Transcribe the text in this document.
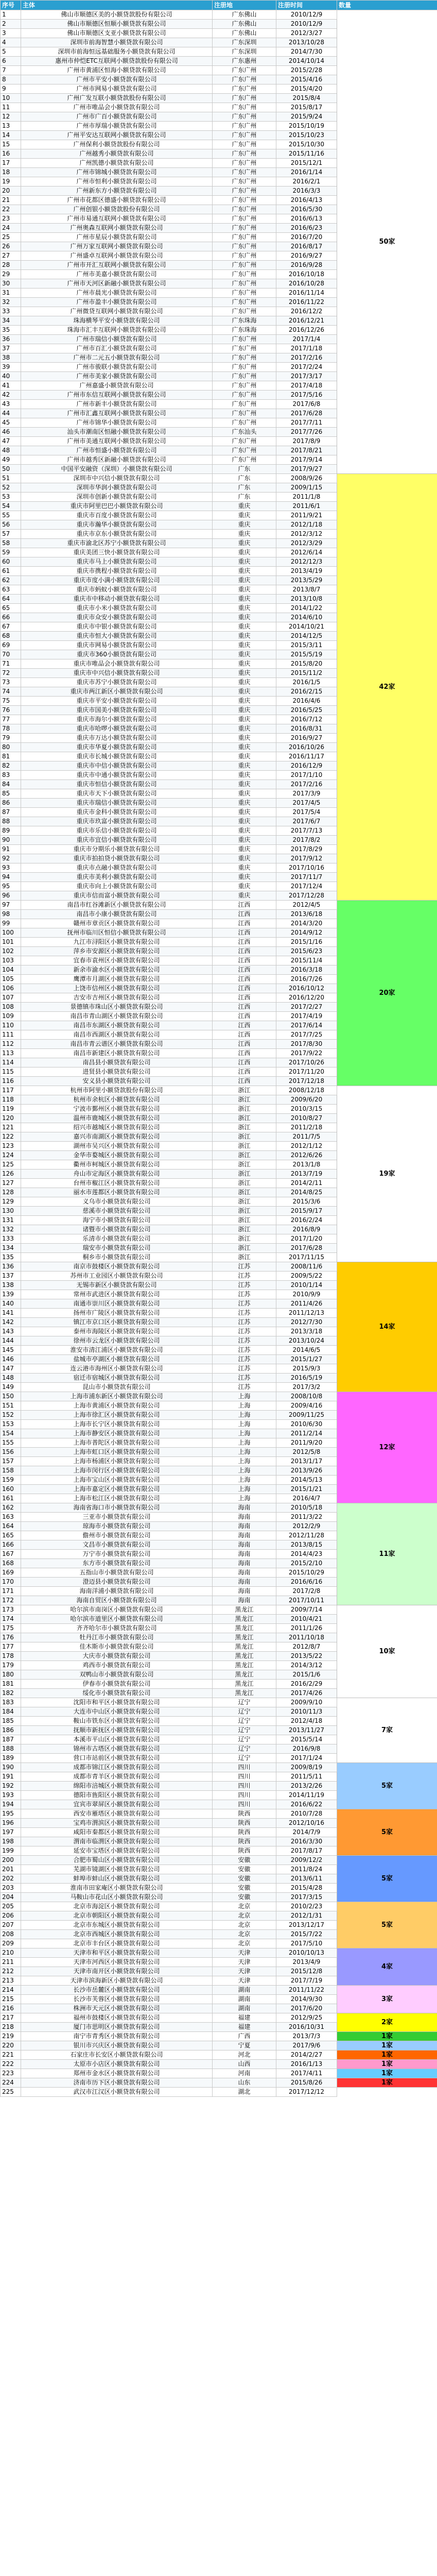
序号	主体	注册地	注册时间	数量
1	佛山市顺德区美的小额贷款股份有限公司	广东佛山	2010/12/9	50家
2	佛山市顺德区恒顺小额贷款有限公司	广东佛山	2010/12/9	
3	佛山市顺德区支亚小额贷款有限公司	广东佛山	2012/3/27	
4	深圳市前海智慧小额贷款有限公司	广东深圳	2013/10/28	
5	深圳市前海恒远基础服务小额贷款有限公司	广东深圳	2014/7/30	
6	惠州市仲恺ETC互联网小额贷款股份有限公司	广东惠州	2014/10/14	
7	广州市黄浦区恒海小额贷款有限公司	广东广州	2015/2/28	
8	广州市平安小额贷款有限公司	广东广州	2015/4/16	
9	广州市网易小额贷款有限公司	广东广州	2015/4/20	
10	广州广发互联小额贷款股份有限公司	广东广州	2015/8/4	
11	广州市唯品会小额贷款有限公司	广东广州	2015/8/17	
12	广州市广百小额贷款有限公司	广东广州	2015/9/24	
13	广州市厚瑞小额贷款有限公司	广东广州	2015/10/19	
14	广州平安达互联网小额贷款有限公司	广东广州	2015/10/23	
15	广州保利小额贷款股份有限公司	广东广州	2015/10/30	
16	广州越秀小额贷款有限公司	广东广州	2015/11/16	
17	广州凯德小额贷款有限公司	广东广州	2015/12/1	
18	广州市锦城小额贷款有限公司	广东广州	2016/1/14	
19	广州市恒利小额贷款有限公司	广东广州	2016/2/1	
20	广州新东方小额贷款有限公司	广东广州	2016/3/3	
21	广州市花都区德盛小额贷款有限公司	广东广州	2016/4/13	
22	广州创银小额贷款股份有限公司	广东广州	2016/5/30	
23	广州市易通互联网小额贷款有限公司	广东广州	2016/6/13	
24	广州奥森互联网小额贷款有限公司	广东广州	2016/6/23	
25	广州市星辰小额贷款有限公司	广东广州	2016/7/20	
26	广州万家互联网小额贷款有限公司	广东广州	2016/8/17	
27	广州盛卓互联网小额贷款有限公司	广东广州	2016/9/27	
28	广州市开汇互联网小额贷款有限公司	广东广州	2016/9/28	
29	广州市美嘉小额贷款有限公司	广东广州	2016/10/18	
30	广州市天河区新融小额贷款有限公司	广东广州	2016/10/28	
31	广州市晨光小额贷款有限公司	广东广州	2016/11/14	
32	广州市盈丰小额贷款有限公司	广东广州	2016/11/22	
33	广州微贷互联网小额贷款有限公司	广东广州	2016/12/2	
34	珠海横琴平安小额贷款有限公司	广东珠海	2016/12/21	
35	珠海市汇丰互联网小额贷款有限公司	广东珠海	2016/12/26	
36	广州市瑞信小额贷款有限公司	广东广州	2017/1/4	
37	广州市百汇小额贷款有限公司	广东广州	2017/1/18	
38	广州市二元五小额贷款有限公司	广东广州	2017/2/16	
39	广州市骏联小额贷款有限公司	广东广州	2017/2/24	
40	广州市美家小额贷款有限公司	广东广州	2017/3/17	
41	广州嘉盛小额贷款有限公司	广东广州	2017/4/18	
42	广州市东信互联网小额贷款有限公司	广东广州	2017/5/16	
43	广州市新丰小额贷款有限公司	广东广州	2017/6/8	
44	广州市汇鑫互联网小额贷款有限公司	广东广州	2017/6/28	
45	广州市锦华小额贷款有限公司	广东广州	2017/7/11	
46	汕头市潮南区恒融小额贷款有限公司	广东汕头	2017/7/26	
47	广州市美通互联网小额贷款有限公司	广东广州	2017/8/9	
48	广州市恒盛小额贷款有限公司	广东广州	2017/8/21	
49	广州市越秀区新融小额贷款有限公司	广东广州	2017/9/14	
50	中国平安融资（深圳）小额贷款有限公司	广东	2017/9/27	
51	深圳市中兴信小额贷款有限公司	广东	2008/9/26	42家
52	深圳市华润小额贷款有限公司	广东	2009/1/15	
53	深圳市创新小额贷款有限公司	广东	2011/1/8	
54	重庆市阿里巴巴小额贷款有限公司	重庆	2011/6/1	
55	重庆市百度小额贷款有限公司	重庆	2011/9/21	
56	重庆市瀚华小额贷款有限公司	重庆	2012/1/18	
57	重庆市京东小额贷款有限公司	重庆	2012/3/12	
58	重庆市渝北区苏宁小额贷款有限公司	重庆	2012/3/29	
59	重庆美团三快小额贷款有限公司	重庆	2012/6/14	
60	重庆市马上小额贷款有限公司	重庆	2012/12/3	
61	重庆市携程小额贷款有限公司	重庆	2013/4/19	
62	重庆市度小满小额贷款有限公司	重庆	2013/5/29	
63	重庆市蚂蚁小额贷款有限公司	重庆	2013/8/7	
64	重庆市中移动小额贷款有限公司	重庆	2013/10/8	
65	重庆市小米小额贷款有限公司	重庆	2014/1/22	
66	重庆市众安小额贷款有限公司	重庆	2014/6/10	
67	重庆市中银小额贷款有限公司	重庆	2014/10/21	
68	重庆市恒大小额贷款有限公司	重庆	2014/12/5	
69	重庆市网易小额贷款有限公司	重庆	2015/3/11	
70	重庆市360小额贷款有限公司	重庆	2015/5/19	
71	重庆市唯品会小额贷款有限公司	重庆	2015/8/20	
72	重庆市中兴信小额贷款有限公司	重庆	2015/11/2	
73	重庆市苏宁小额贷款有限公司	重庆	2016/1/5	
74	重庆市两江新区小额贷款有限公司	重庆	2016/2/15	
75	重庆市平安小额贷款有限公司	重庆	2016/4/6	
76	重庆市国美小额贷款有限公司	重庆	2016/5/25	
77	重庆市海尔小额贷款有限公司	重庆	2016/7/12	
78	重庆市哈啰小额贷款有限公司	重庆	2016/8/31	
79	重庆市万达小额贷款有限公司	重庆	2016/9/27	
80	重庆市华夏小额贷款有限公司	重庆	2016/10/26	
81	重庆市长城小额贷款有限公司	重庆	2016/11/17	
82	重庆市中信小额贷款有限公司	重庆	2016/12/9	
83	重庆市中通小额贷款有限公司	重庆	2017/1/10	
84	重庆市恒信小额贷款有限公司	重庆	2017/2/16	
85	重庆市天下小额贷款有限公司	重庆	2017/3/9	
86	重庆市瑞信小额贷款有限公司	重庆	2017/4/5	
87	重庆市金科小额贷款有限公司	重庆	2017/5/4	
88	重庆市玖富小额贷款有限公司	重庆	2017/6/7	
89	重庆市乐信小额贷款有限公司	重庆	2017/7/13	
90	重庆市宜信小额贷款有限公司	重庆	2017/8/2	
91	重庆市分期乐小额贷款有限公司	重庆	2017/8/29	
92	重庆市拍拍贷小额贷款有限公司	重庆	2017/9/12	
93	重庆市点融小额贷款有限公司	重庆	2017/10/16	
94	重庆市美利小额贷款有限公司	重庆	2017/11/7	
95	重庆市向上小额贷款有限公司	重庆	2017/12/4	
96	重庆市信而富小额贷款有限公司	重庆	2017/12/28	
97	南昌市红谷滩新区小额贷款有限公司	江西	2012/4/5	20家
98	南昌市小康小额贷款有限公司	江西	2013/6/18	
99	赣州市章贡区小额贷款有限公司	江西	2014/3/20	
100	抚州市临川区恒信小额贷款有限公司	江西	2014/9/12	
101	九江市浔阳区小额贷款有限公司	江西	2015/1/16	
102	萍乡市安源区小额贷款有限公司	江西	2015/6/23	
103	宜春市袁州区小额贷款有限公司	江西	2015/11/4	
104	新余市渝水区小额贷款有限公司	江西	2016/3/18	
105	鹰潭市月湖区小额贷款有限公司	江西	2016/7/26	
106	上饶市信州区小额贷款有限公司	江西	2016/10/12	
107	吉安市吉州区小额贷款有限公司	江西	2016/12/20	
108	景德镇市珠山区小额贷款有限公司	江西	2017/2/27	
109	南昌市青山湖区小额贷款有限公司	江西	2017/4/19	
110	南昌市东湖区小额贷款有限公司	江西	2017/6/14	
111	南昌市西湖区小额贷款有限公司	江西	2017/7/25	
112	南昌市青云谱区小额贷款有限公司	江西	2017/8/30	
113	南昌市新建区小额贷款有限公司	江西	2017/9/22	
114	南昌县小额贷款有限公司	江西	2017/10/26	
115	进贤县小额贷款有限公司	江西	2017/11/20	
116	安义县小额贷款有限公司	江西	2017/12/18	
117	杭州市阿里小额贷款股份有限公司	浙江	2008/12/18	19家
118	杭州市余杭区小额贷款有限公司	浙江	2009/6/20	
119	宁波市鄞州区小额贷款有限公司	浙江	2010/3/15	
120	温州市鹿城区小额贷款有限公司	浙江	2010/8/27	
121	绍兴市越城区小额贷款有限公司	浙江	2011/2/18	
122	嘉兴市南湖区小额贷款有限公司	浙江	2011/7/5	
123	湖州市吴兴区小额贷款有限公司	浙江	2012/1/12	
124	金华市婺城区小额贷款有限公司	浙江	2012/6/26	
125	衢州市柯城区小额贷款有限公司	浙江	2013/1/8	
126	舟山市定海区小额贷款有限公司	浙江	2013/7/19	
127	台州市椒江区小额贷款有限公司	浙江	2014/2/11	
128	丽水市莲都区小额贷款有限公司	浙江	2014/8/25	
129	义乌市小额贷款有限公司	浙江	2015/3/6	
130	慈溪市小额贷款有限公司	浙江	2015/9/17	
131	海宁市小额贷款有限公司	浙江	2016/2/24	
132	诸暨市小额贷款有限公司	浙江	2016/8/9	
133	乐清市小额贷款有限公司	浙江	2017/1/20	
134	瑞安市小额贷款有限公司	浙江	2017/6/28	
135	桐乡市小额贷款有限公司	浙江	2017/11/15	
136	南京市鼓楼区小额贷款有限公司	江苏	2008/11/6	14家
137	苏州市工业园区小额贷款有限公司	江苏	2009/5/22	
138	无锡市新区小额贷款有限公司	江苏	2010/1/14	
139	常州市武进区小额贷款有限公司	江苏	2010/9/9	
140	南通市崇川区小额贷款有限公司	江苏	2011/4/26	
141	扬州市广陵区小额贷款有限公司	江苏	2011/12/13	
142	镇江市京口区小额贷款有限公司	江苏	2012/7/30	
143	泰州市海陵区小额贷款有限公司	江苏	2013/3/18	
144	徐州市云龙区小额贷款有限公司	江苏	2013/10/24	
145	淮安市清江浦区小额贷款有限公司	江苏	2014/6/5	
146	盐城市亭湖区小额贷款有限公司	江苏	2015/1/27	
147	连云港市海州区小额贷款有限公司	江苏	2015/9/3	
148	宿迁市宿城区小额贷款有限公司	江苏	2016/5/19	
149	昆山市小额贷款有限公司	江苏	2017/3/2	
150	上海市浦东新区小额贷款有限公司	上海	2008/10/8	12家
151	上海市黄浦区小额贷款有限公司	上海	2009/4/16	
152	上海市徐汇区小额贷款有限公司	上海	2009/11/25	
153	上海市长宁区小额贷款有限公司	上海	2010/6/30	
154	上海市静安区小额贷款有限公司	上海	2011/2/14	
155	上海市普陀区小额贷款有限公司	上海	2011/9/20	
156	上海市虹口区小额贷款有限公司	上海	2012/5/8	
157	上海市杨浦区小额贷款有限公司	上海	2013/1/17	
158	上海市闵行区小额贷款有限公司	上海	2013/9/26	
159	上海市宝山区小额贷款有限公司	上海	2014/5/13	
160	上海市嘉定区小额贷款有限公司	上海	2015/1/21	
161	上海市松江区小额贷款有限公司	上海	2016/4/7	
162	海南省海口市小额贷款有限公司	海南	2010/5/18	11家
163	三亚市小额贷款有限公司	海南	2011/3/22	
164	琼海市小额贷款有限公司	海南	2012/2/9	
165	儋州市小额贷款有限公司	海南	2012/11/28	
166	文昌市小额贷款有限公司	海南	2013/8/15	
167	万宁市小额贷款有限公司	海南	2014/4/23	
168	东方市小额贷款有限公司	海南	2015/2/10	
169	五指山市小额贷款有限公司	海南	2015/10/29	
170	澄迈县小额贷款有限公司	海南	2016/6/16	
171	海南洋浦小额贷款有限公司	海南	2017/2/8	
172	海南自贸区小额贷款有限公司	海南	2017/10/11	
173	哈尔滨市南岗区小额贷款有限公司	黑龙江	2009/7/14	10家
174	哈尔滨市道里区小额贷款有限公司	黑龙江	2010/4/21	
175	齐齐哈尔市小额贷款有限公司	黑龙江	2011/1/26	
176	牡丹江市小额贷款有限公司	黑龙江	2011/10/18	
177	佳木斯市小额贷款有限公司	黑龙江	2012/8/7	
178	大庆市小额贷款有限公司	黑龙江	2013/5/22	
179	鸡西市小额贷款有限公司	黑龙江	2014/3/12	
180	双鸭山市小额贷款有限公司	黑龙江	2015/1/6	
181	伊春市小额贷款有限公司	黑龙江	2016/2/29	
182	绥化市小额贷款有限公司	黑龙江	2017/4/26	
183	沈阳市和平区小额贷款有限公司	辽宁	2009/9/10	7家
184	大连市中山区小额贷款有限公司	辽宁	2010/11/3	
185	鞍山市铁东区小额贷款有限公司	辽宁	2012/4/18	
186	抚顺市新抚区小额贷款有限公司	辽宁	2013/11/27	
187	本溪市平山区小额贷款有限公司	辽宁	2015/5/14	
188	锦州市古塔区小额贷款有限公司	辽宁	2016/9/8	
189	营口市站前区小额贷款有限公司	辽宁	2017/1/24	
190	成都市锦江区小额贷款有限公司	四川	2009/8/19	5家
191	成都市青羊区小额贷款有限公司	四川	2011/5/11	
192	绵阳市涪城区小额贷款有限公司	四川	2013/2/26	
193	德阳市旌阳区小额贷款有限公司	四川	2014/11/19	
194	宜宾市翠屏区小额贷款有限公司	四川	2016/6/22	
195	西安市雁塔区小额贷款有限公司	陕西	2010/7/28	5家
196	宝鸡市渭滨区小额贷款有限公司	陕西	2012/10/16	
197	咸阳市秦都区小额贷款有限公司	陕西	2014/7/9	
198	渭南市临渭区小额贷款有限公司	陕西	2016/3/30	
199	延安市宝塔区小额贷款有限公司	陕西	2017/8/17	
200	合肥市蜀山区小额贷款有限公司	安徽	2009/12/2	5家
201	芜湖市镜湖区小额贷款有限公司	安徽	2011/8/24	
202	蚌埠市蚌山区小额贷款有限公司	安徽	2013/6/11	
203	淮南市田家庵区小额贷款有限公司	安徽	2015/4/28	
204	马鞍山市花山区小额贷款有限公司	安徽	2017/3/15	
205	北京市海淀区小额贷款有限公司	北京	2010/2/23	5家
206	北京市朝阳区小额贷款有限公司	北京	2012/1/31	
207	北京市东城区小额贷款有限公司	北京	2013/12/17	
208	北京市西城区小额贷款有限公司	北京	2015/7/22	
209	北京市丰台区小额贷款有限公司	北京	2017/5/10	
210	天津市和平区小额贷款有限公司	天津	2010/10/13	4家
211	天津市河西区小额贷款有限公司	天津	2013/4/9	
212	天津市南开区小额贷款有限公司	天津	2015/12/8	
213	天津市滨海新区小额贷款有限公司	天津	2017/7/19	
214	长沙市岳麓区小额贷款有限公司	湖南	2011/11/22	3家
215	长沙市芙蓉区小额贷款有限公司	湖南	2014/9/30	
216	株洲市天元区小额贷款有限公司	湖南	2017/6/20	
217	福州市鼓楼区小额贷款有限公司	福建	2012/9/25	2家
218	厦门市思明区小额贷款有限公司	福建	2016/10/31	
219	南宁市青秀区小额贷款有限公司	广西	2013/7/3	1家
220	银川市兴庆区小额贷款有限公司	宁夏	2017/9/6	1家
221	石家庄市长安区小额贷款有限公司	河北	2014/2/27	1家
222	太原市小店区小额贷款有限公司	山西	2016/1/13	1家
223	郑州市金水区小额贷款有限公司	河南	2017/4/11	1家
224	济南市历下区小额贷款有限公司	山东	2015/8/26	1家
225	武汉市江汉区小额贷款有限公司	湖北	2017/12/12	
